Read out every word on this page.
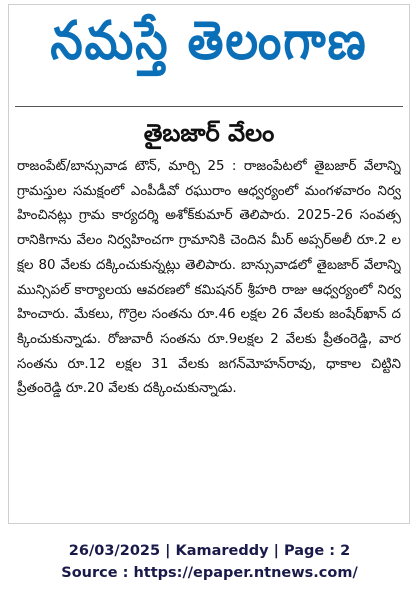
నమస్తే తెలంగాణ
తైబజార్ వేలం
రాజంపేట్/బాన్సువాడ టౌన్, మార్చి 25 : రాజంపేటలో తైబజార్ వేలాన్ని గ్రామస్తుల సమక్షంలో ఎంపీడీవో రఘురాం ఆధ్వర్యంలో మంగళవారం నిర్వహించినట్లు గ్రామ కార్యదర్శి అశోక్‌కుమార్ తెలిపారు. 2025-26 సంవత్సరానికిగాను వేలం నిర్వహించగా గ్రామానికి చెందిన మీర్ అప్సర్‌అలీ రూ.2 లక్షల 80 వేలకు దక్కించుకున్నట్లు తెలిపారు. బాన్సువాడలో తైబజార్ వేలాన్ని మున్సిపల్ కార్యాలయ ఆవరణలో కమిషనర్ శ్రీహరి రాజు ఆధ్వర్యంలో నిర్వహించారు. మేకలు, గొర్రెల సంతను రూ.46 లక్షల 26 వేలకు జంషేర్‌ఖాన్ దక్కించుకున్నాడు. రోజువారీ సంతను రూ.9లక్షల 2 వేలకు ప్రీతంరెడ్డి, వార సంతను రూ.12 లక్షల 31 వేలకు జగన్‌మోహన్‌రావు, ధాకాల చిట్టిని ప్రీతంరెడ్డి రూ.20 వేలకు దక్కించుకున్నాడు.
26/03/2025 | Kamareddy | Page : 2
Source : https://epaper.ntnews.com/
